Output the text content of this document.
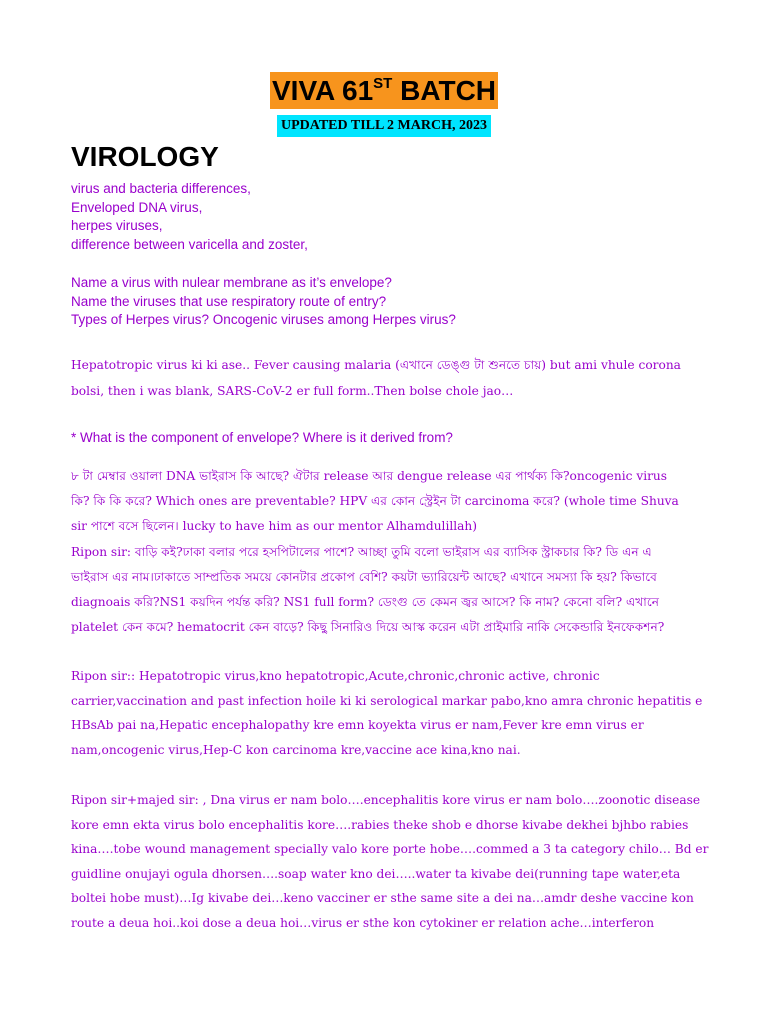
VIVA 61ST BATCH
UPDATED TILL 2 MARCH, 2023
VIROLOGY
virus and bacteria differences,
Enveloped DNA virus,
herpes viruses,
difference between varicella and zoster,
Name a virus with nulear membrane as it’s envelope?
Name the viruses that use respiratory route of entry?
Types of Herpes virus? Oncogenic viruses among Herpes virus?
Hepatotropic virus ki ki ase.. Fever causing malaria (এখানে ডেঙ্গু টা শুনতে চায়) but ami vhule corona
bolsi, then i was blank, SARS-CoV-2 er full form..Then bolse chole jao…
* What is the component of envelope? Where is it derived from?
৮ টা মেম্বার ওয়ালা DNA ভাইরাস কি আছে? ঐটার release আর dengue release এর পার্থক্য কি?oncogenic virus
কি? কি কি করে? Which ones are preventable? HPV এর কোন স্ট্রেইন টা carcinoma করে? (whole time Shuva
sir পাশে বসে ছিলেন। lucky to have him as our mentor Alhamdulillah)
Ripon sir: বাড়ি কই?ঢাকা বলার পরে হসপিটালের পাশে? আচ্ছা তুমি বলো ভাইরাস এর ব্যাসিক স্ট্রাকচার কি? ডি এন এ
ভাইরাস এর নাম।ঢাকাতে সাম্প্রতিক সময়ে কোনটার প্রকোপ বেশি? কয়টা ভ্যারিয়েন্ট আছে? এখানে সমস্যা কি হয়? কিভাবে
diagnoais করি?NS1 কয়দিন পর্যন্ত করি? NS1 full form? ডেংগু তে কেমন জ্বর আসে? কি নাম? কেনো বলি? এখানে
platelet কেন কমে? hematocrit কেন বাড়ে? কিছু সিনারিও দিয়ে আস্ক করেন এটা প্রাইমারি নাকি সেকেন্ডারি ইনফেকশন?
Ripon sir:: Hepatotropic virus,kno hepatotropic,Acute,chronic,chronic active, chronic
carrier,vaccination and past infection hoile ki ki serological markar pabo,kno amra chronic hepatitis e
HBsAb pai na,Hepatic encephalopathy kre emn koyekta virus er nam,Fever kre emn virus er
nam,oncogenic virus,Hep-C kon carcinoma kre,vaccine ace kina,kno nai.
Ripon sir+majed sir: , Dna virus er nam bolo….encephalitis kore virus er nam bolo….zoonotic disease
kore emn ekta virus bolo encephalitis kore….rabies theke shob e dhorse kivabe dekhei bjhbo rabies
kina….tobe wound management specially valo kore porte hobe….commed a 3 ta category chilo… Bd er
guidline onujayi ogula dhorsen….soap water kno dei…..water ta kivabe dei(running tape water,eta
boltei hobe must)…Ig kivabe dei…keno vacciner er sthe same site a dei na…amdr deshe vaccine kon
route a deua hoi..koi dose a deua hoi…virus er sthe kon cytokiner er relation ache…interferon
